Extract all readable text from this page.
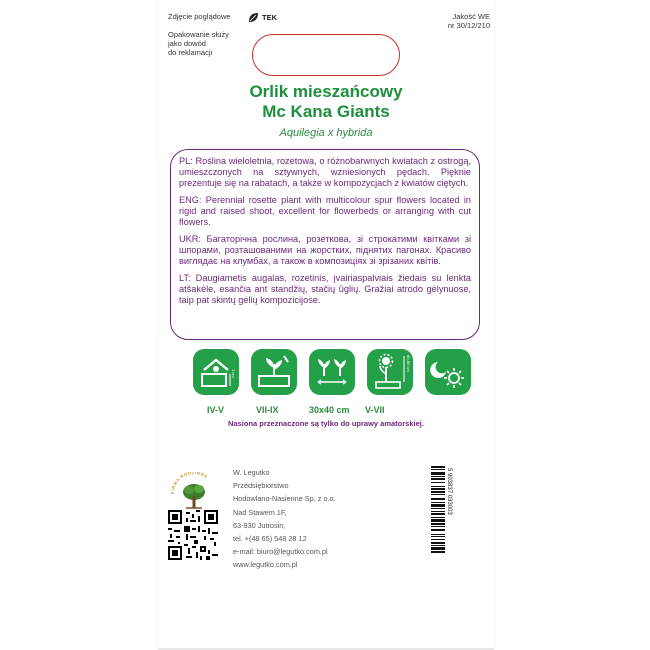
Zdjęcie poglądowe	TEK	Jakość WE
nr 30/12/210
Opakowanie służy
jako dowód
do reklamacji
Orlik mieszańcowy
Mc Kana Giants
Aquilegia x hybrida

PL: Roślina wieloletnia, rozetowa, o różnobarwnych kwiatach z ostrogą, umieszczonych na sztywnych, wzniesionych pędach. Pięknie prezentuje się na rabatach, a także w kompozycjach z kwiatów ciętych.

ENG: Perennial rosette plant with multicolour spur flowers located in rigid and raised shoot, excellent for flowerbeds or arranging with cut flowers.

UKR: Багаторічна рослина, розеткова, зі строкатими квітками зі шпорами, розташованими на жорстких, піднятих пагонах. Красиво виглядає на клумбах, а також в композиціях зі зрізаних квітів.

LT: Daugiametis augalas, rozetinis, įvairiaspalviais žiedais su lenkta atšakėle, esančia ant standžių, stačių ūglių. Gražiai atrodo gėlynuose, taip pat skintų gėlių kompozicijose.

1 cm
60-80 cm
IV-V	VII-IX	30x40 cm V-VII
Nasiona przeznaczone są tylko do uprawy amatorskiej.
FIRMA RODZINNA	W. Legutko
Przedsiębiorstwo
Hodowlano-Nasienne Sp. z o.o.
Nad Stawem 1F,
63-930 Jutrosin,
tel. +(48 65) 548 28 12
e-mail: biuro@legutko.com.pl
www.legutko.com.pl
5 903837 033003
